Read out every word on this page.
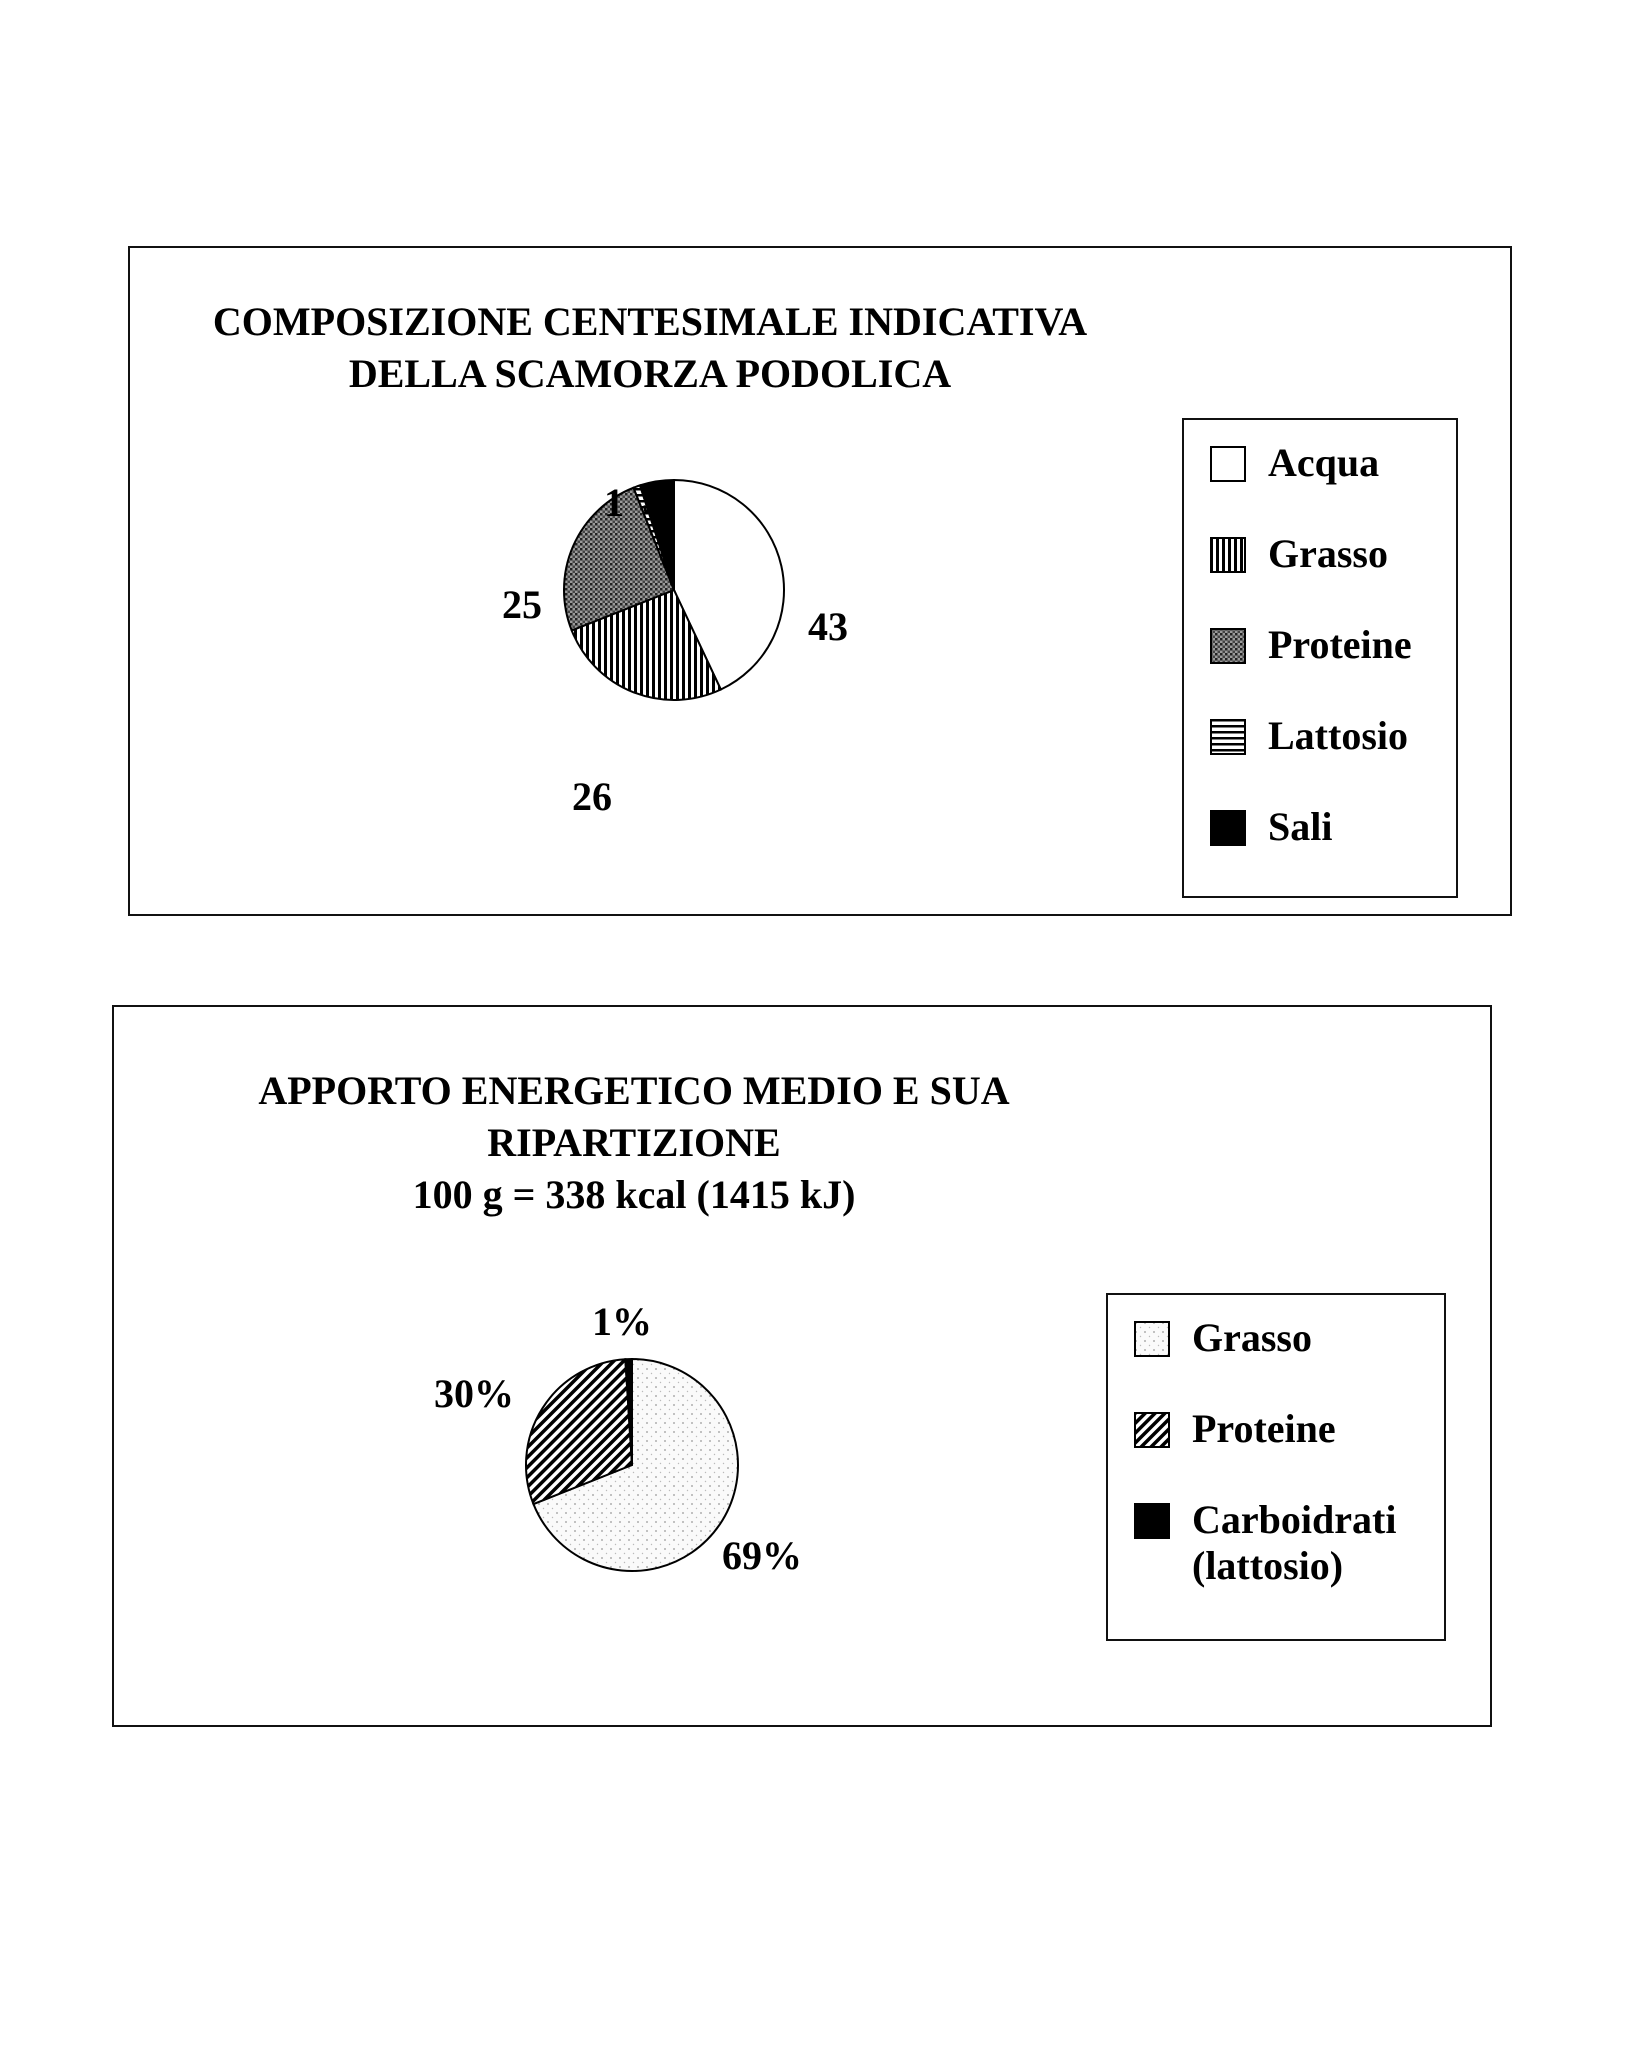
COMPOSIZIONE CENTESIMALE INDICATIVA
DELLA SCAMORZA PODOLICA
43
26
25
1 5
Acqua
Grasso
Proteine
Lattosio
Sali
APPORTO ENERGETICO MEDIO E SUA
RIPARTIZIONE
100 g = 338 kcal (1415 kJ)
69%
30%
1%	Grasso
Proteine
Carboidrati
(lattosio)
